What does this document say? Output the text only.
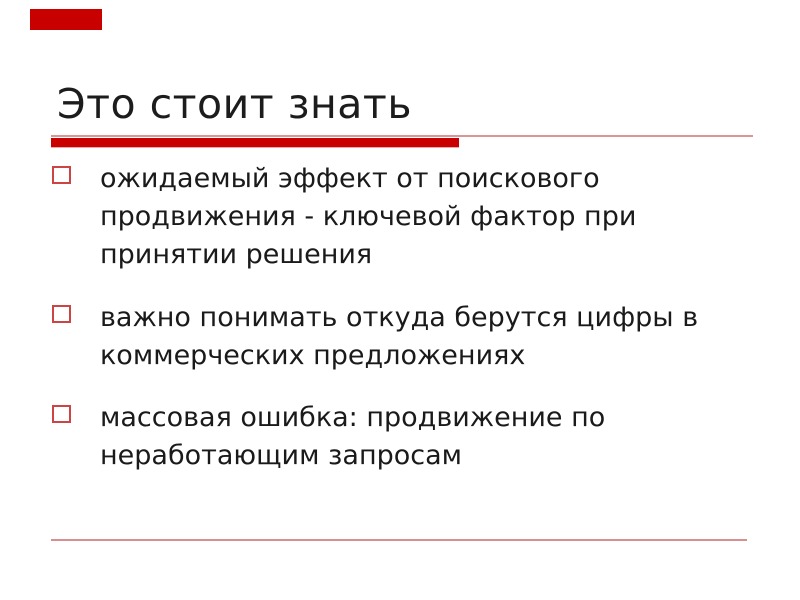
Это стоит знать
ожидаемый эффект от поискового
продвижения - ключевой фактор при
принятии решения
важно понимать откуда берутся цифры в
коммерческих предложениях
массовая ошибка: продвижение по
неработающим запросам
